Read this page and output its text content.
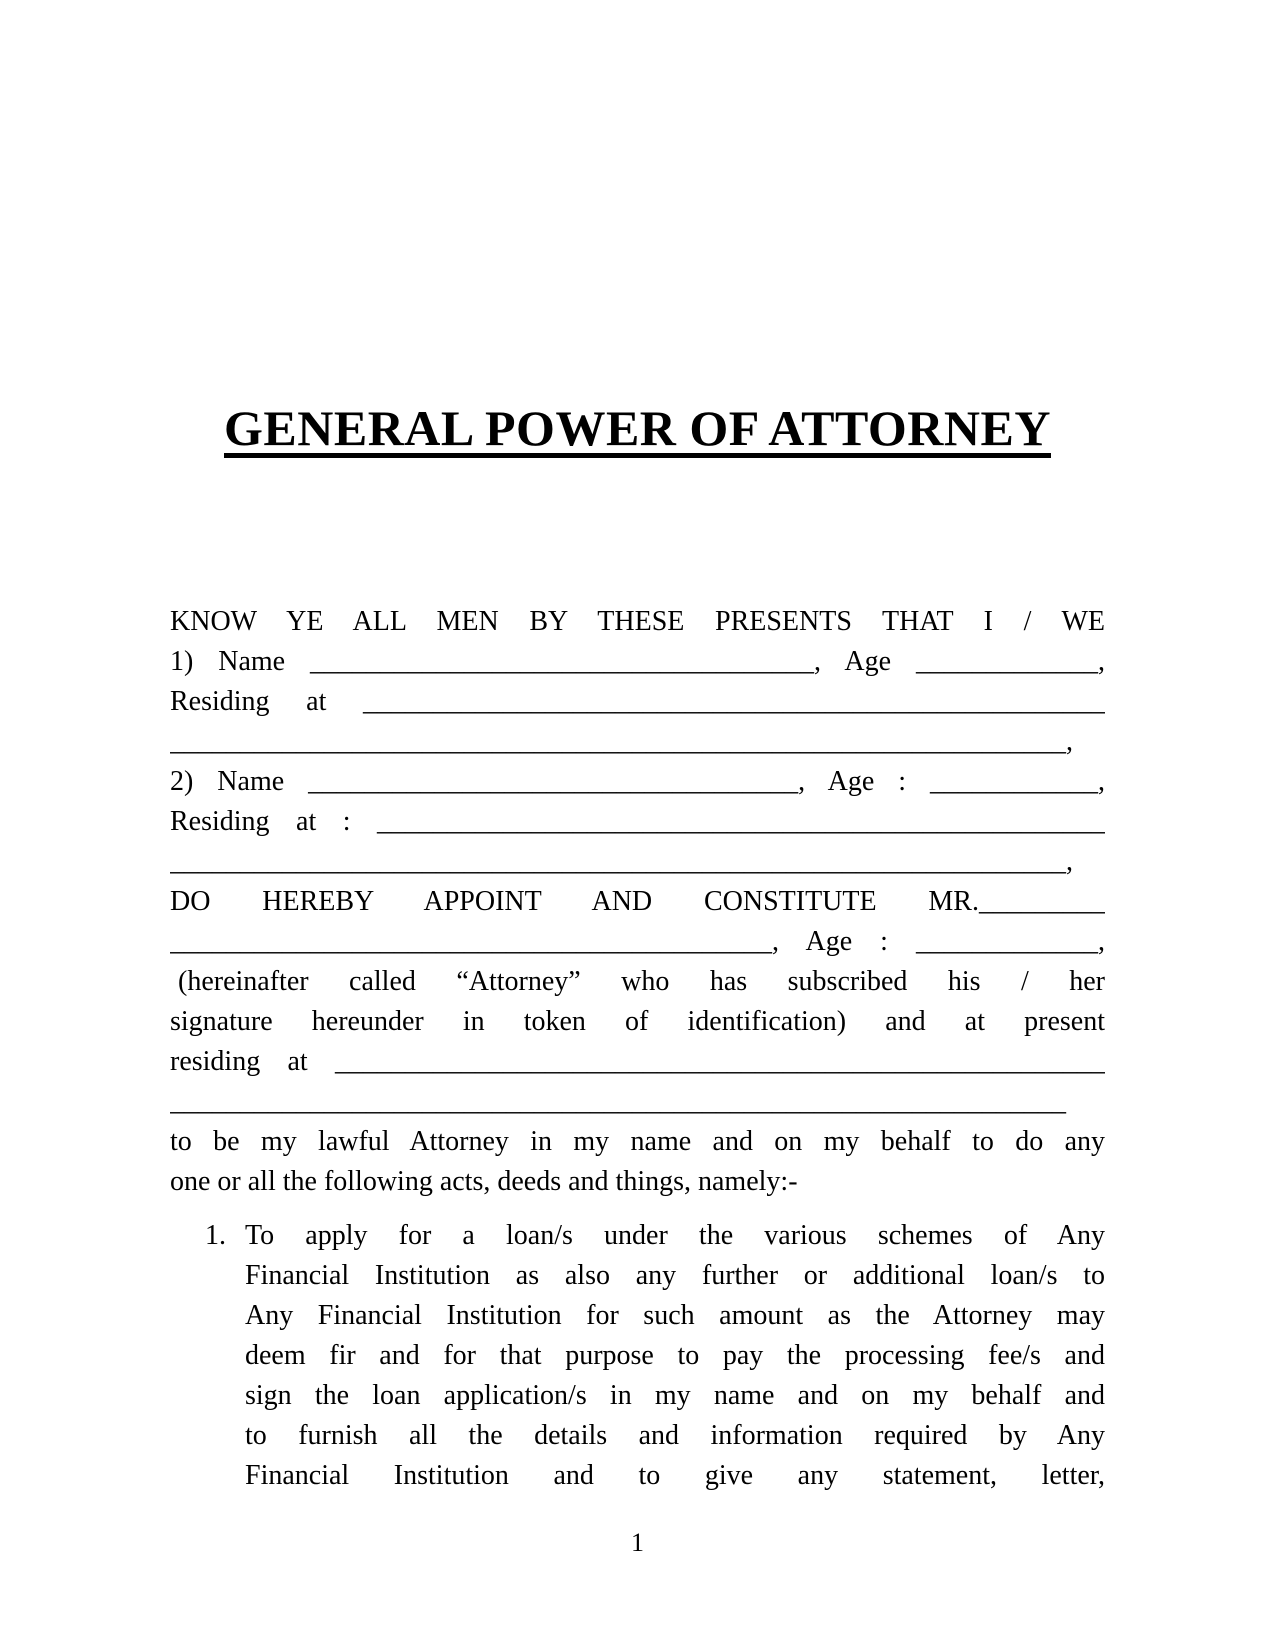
GENERAL POWER OF ATTORNEY
KNOW YE ALL MEN BY THESE PRESENTS THAT I / WE
1) Name ____________________________________, Age _____________,
Residing at _____________________________________________________
________________________________________________________________,
2) Name ___________________________________, Age : ____________,
Residing at : ____________________________________________________
________________________________________________________________,
DO HEREBY APPOINT AND CONSTITUTE MR._________
___________________________________________, Age : _____________,
(hereinafter called “Attorney” who has subscribed his / her
signature hereunder in token of identification) and at present
residing at _______________________________________________________
________________________________________________________________
to be my lawful Attorney in my name and on my behalf to do any
one or all the following acts, deeds and things, namely:-
1. To apply for a loan/s under the various schemes of Any
Financial Institution as also any further or additional loan/s to
Any Financial Institution for such amount as the Attorney may
deem fir and for that purpose to pay the processing fee/s and
sign the loan application/s in my name and on my behalf and
to furnish all the details and information required by Any
Financial Institution and to give any statement, letter,
1
